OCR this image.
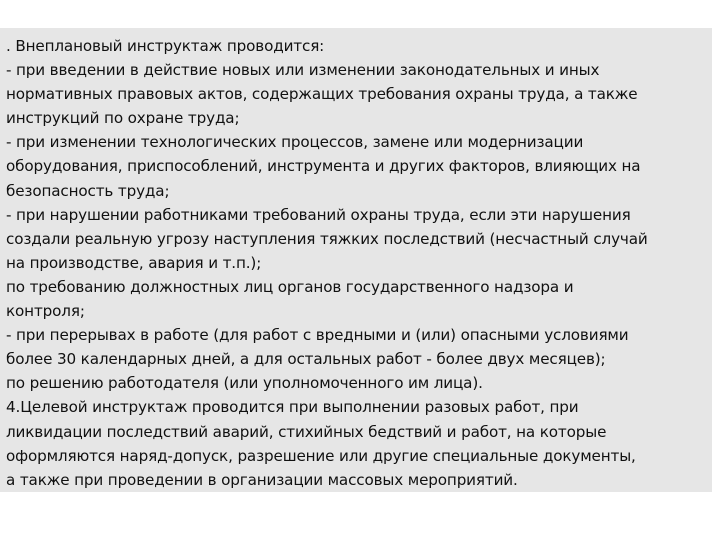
. Внеплановый инструктаж проводится:
- при введении в действие новых или изменении законодательных и иных
нормативных правовых актов, содержащих требования охраны труда, а также
инструкций по охране труда;
- при изменении технологических процессов, замене или модернизации
оборудования, приспособлений, инструмента и других факторов, влияющих на
безопасность труда;
- при нарушении работниками требований охраны труда, если эти нарушения
создали реальную угрозу наступления тяжких последствий (несчастный случай
на производстве, авария и т.п.);
по требованию должностных лиц органов государственного надзора и
контроля;
- при перерывах в работе (для работ с вредными и (или) опасными условиями
более 30 календарных дней, а для остальных работ - более двух месяцев);
по решению работодателя (или уполномоченного им лица).
4.Целевой инструктаж проводится при выполнении разовых работ, при
ликвидации последствий аварий, стихийных бедствий и работ, на которые
оформляются наряд-допуск, разрешение или другие специальные документы,
а также при проведении в организации массовых мероприятий.
